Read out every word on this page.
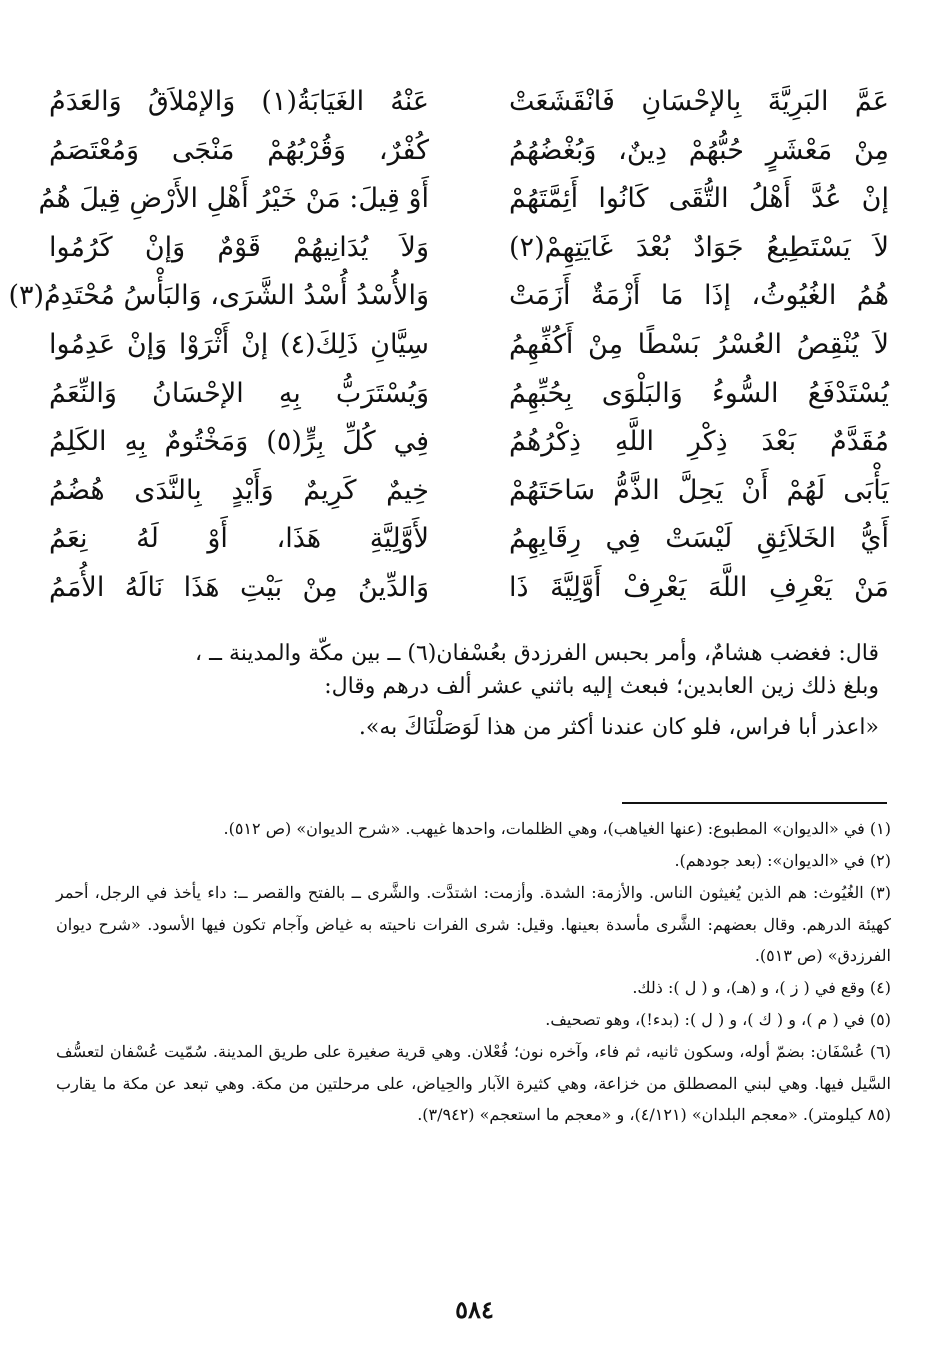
عَمَّ البَرِيَّةَ بِالإحْسَانِ فَانْقَشَعَتْ
عَنْهُ الغَيَابَةُ(١) وَالإمْلاَقُ وَالعَدَمُ
مِنْ مَعْشَرٍ حُبُّهُمْ دِينٌ، وَبُغْضُهُمُ
كُفْرٌ، وَقُرْبُهُمْ مَنْجَى وَمُعْتَصَمُ
إنْ عُدَّ أَهْلُ التُّقَى كَانُوا أَئِمَّتَهُمْ
أَوْ قِيلَ: مَنْ خَيْرُ أَهْلِ الأَرْضِ قِيلَ هُمُ
لاَ يَسْتَطِيعُ جَوَادٌ بُعْدَ غَايَتِهِمْ(٢)
وَلاَ يُدَانِيهُمْ قَوْمٌ وَإنْ كَرُمُوا
هُمُ الغُيُوثُ، إذَا مَا أَزْمَةٌ أَزَمَتْ
وَالأُسْدُ أُسْدُ الشَّرَى، وَالبَأْسُ مُحْتَدِمُ(٣)
لاَ يُنْقِصُ العُسْرُ بَسْطًا مِنْ أَكُفِّهِمُ
سِيَّانِ ذَلِكَ(٤) إنْ أَثْرَوْا وَإنْ عَدِمُوا
يُسْتَدْفَعُ السُّوءُ وَالبَلْوَى بِحُبِّهِمُ
وَيُسْتَرَبُّ بِهِ الإحْسَانُ وَالنِّعَمُ
مُقَدَّمٌ بَعْدَ ذِكْرِ اللَّهِ ذِكْرُهُمُ
فِي كُلِّ بِرٍّ(٥) وَمَخْتُومٌ بِهِ الكَلِمُ
يَأْبَى لَهُمْ أَنْ يَحِلَّ الذَّمُّ سَاحَتَهُمْ
خِيمٌ كَرِيمٌ وَأَيْدٍ بِالنَّدَى هُضُمُ
أَيُّ الخَلاَئِقِ لَيْسَتْ فِي رِقَابِهِمُ
لأَوَّلِيَّةِ هَذَا، أَوْ لَهُ نِعَمُ
مَنْ يَعْرِفِ اللَّهَ يَعْرِفْ أَوَّلِيَّةَ ذَا
وَالدِّينُ مِنْ بَيْتِ هَذَا نَالَهُ الأُمَمُ

قال: فغضب هشامٌ، وأمر بحبس الفرزدق بعُسْفان(٦) ــ بين مكّة والمدينة ــ ،

وبلغ ذلك زين العابدين؛ فبعث إليه باثني عشر ألف درهم وقال:

«اعذر أبا فراس، فلو كان عندنا أكثر من هذا لَوَصَلْنَاكَ به».

(١) في «الديوان» المطبوع: (عنها الغياهب)، وهي الظلمات، واحدها غيهب. «شرح الديوان» (ص ٥١٢).

(٢) في «الديوان»: (بعد جودهم).

(٣) الغُيُوث: هم الذين يُغيثون الناس. والأزمة: الشدة. وأزمت: اشتدَّت. والشَّرى ــ بالفتح والقصر ــ: داء يأخذ في الرجل، أحمر كهيئة الدرهم. وقال بعضهم: الشَّرى مأسدة بعينها. وقيل: شرى الفرات ناحيته به غياض وآجام تكون فيها الأسود. «شرح ديوان الفرزدق» (ص ٥١٣).

(٤) وقع في ( ز )، و (هـ)، و ( ل ): ذلك.

(٥) في ( م )، و ( ك )، و ( ل ): (بدء!)، وهو تصحيف.

(٦) عُسْفَان: بضمّ أوله، وسكون ثانيه، ثم فاء، وآخره نون؛ فُعْلان. وهي قرية صغيرة على طريق المدينة. سُمّيت عُسْفان لتعسُّف السَّيل فيها. وهي لبني المصطلق من خزاعة، وهي كثيرة الآبار والحِياض، على مرحلتين من مكة. وهي تبعد عن مكة ما يقارب (٨٥ كيلومتر). «معجم البلدان» (٤/١٢١)، و «معجم ما استعجم» (٣/٩٤٢).

٥٨٤
